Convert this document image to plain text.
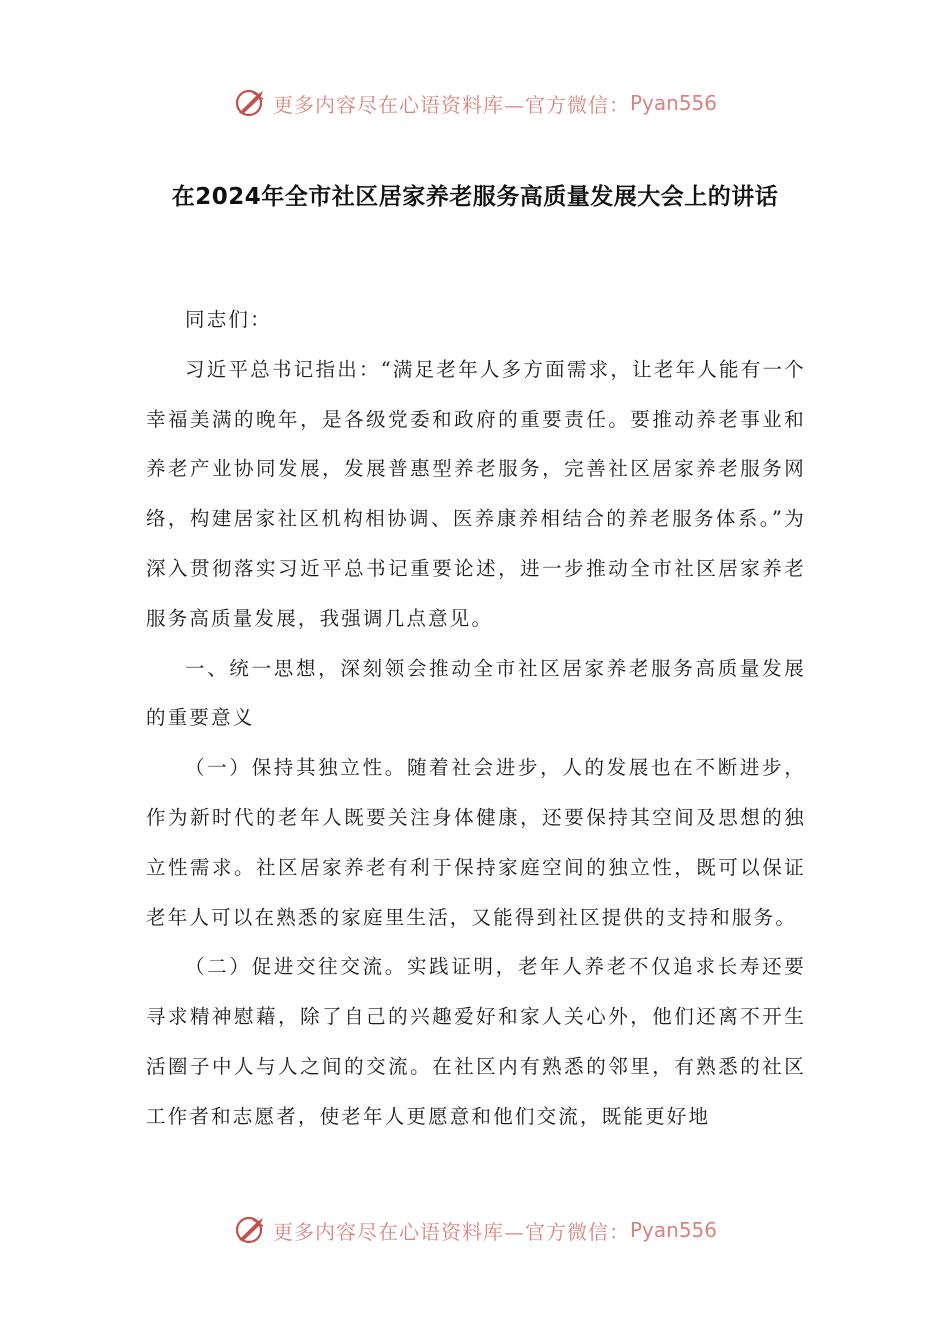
更多内容尽在心语资料库—官方微信： Pyan556
在2024年全市社区居家养老服务高质量发展大会上的讲话

同志们：

习近平总书记指出：“满足老年人多方面需求，让老年人能有一个幸福美满的晚年，是各级党委和政府的重要责任。要推动养老事业和养老产业协同发展，发展普惠型养老服务，完善社区居家养老服务网络，构建居家社区机构相协调、医养康养相结合的养老服务体系。”为深入贯彻落实习近平总书记重要论述，进一步推动全市社区居家养老服务高质量发展，我强调几点意见。

一、统一思想，深刻领会推动全市社区居家养老服务高质量发展的重要意义

（一）保持其独立性。随着社会进步，人的发展也在不断进步，作为新时代的老年人既要关注身体健康，还要保持其空间及思想的独立性需求。社区居家养老有利于保持家庭空间的独立性，既可以保证老年人可以在熟悉的家庭里生活，又能得到社区提供的支持和服务。

（二）促进交往交流。实践证明，老年人养老不仅追求长寿还要寻求精神慰藉，除了自己的兴趣爱好和家人关心外，他们还离不开生活圈子中人与人之间的交流。在社区内有熟悉的邻里，有熟悉的社区工作者和志愿者，使老年人更愿意和他们交流，既能更好地

更多内容尽在心语资料库—官方微信： Pyan556
